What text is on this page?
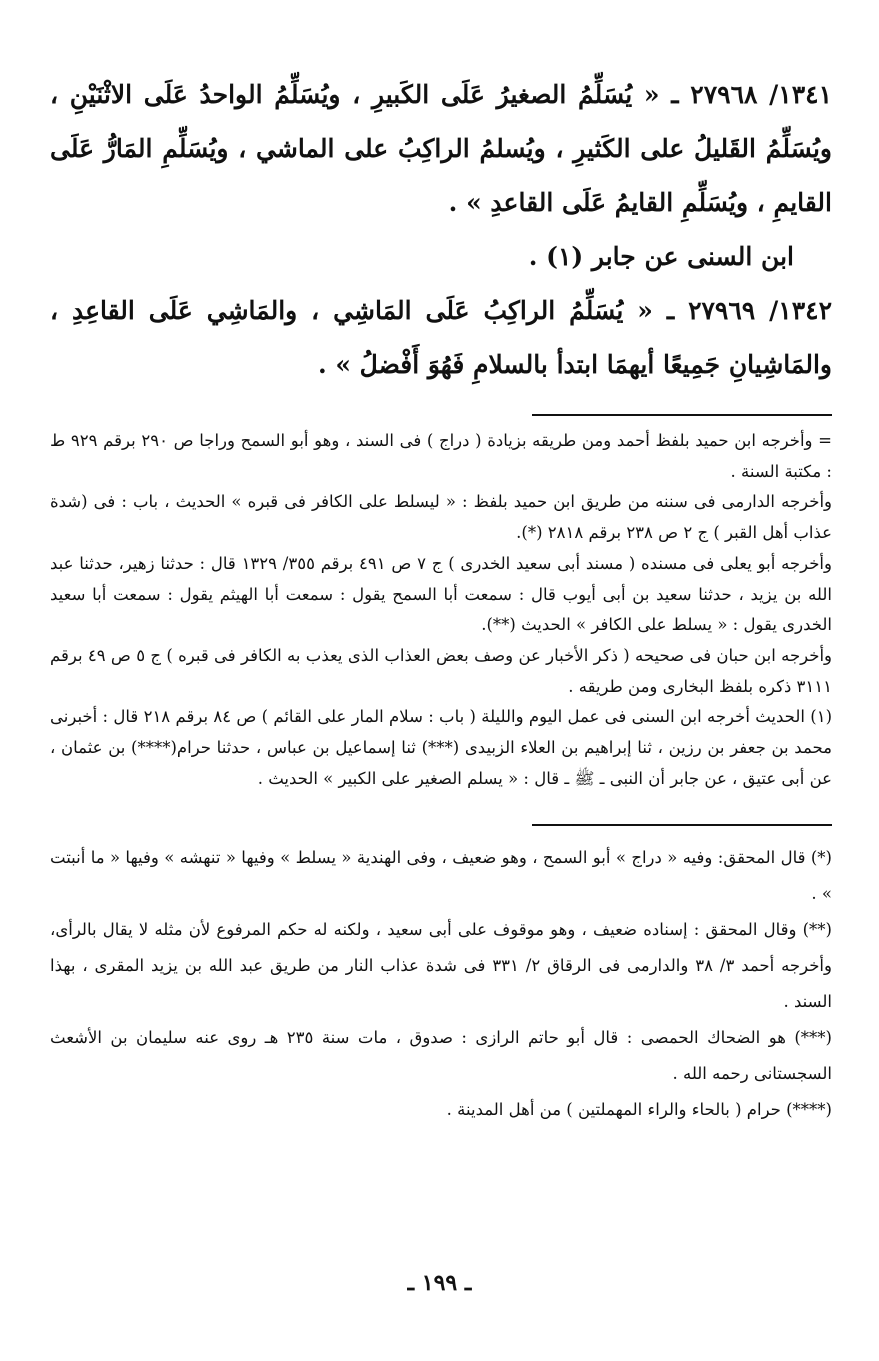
١٣٤١/ ٢٧٩٦٨ ـ « يُسَلِّمُ الصغيرُ عَلَى الكَبيرِ ، ويُسَلِّمُ الواحدُ عَلَى الاثْنَيْنِ ، ويُسَلِّمُ القَليلُ على الكَثيرِ ، ويُسلمُ الراكِبُ على الماشي ، ويُسَلِّمِ المَارُّ عَلَى القايمِ ، ويُسَلِّمِ القايمُ عَلَى القاعدِ » .

ابن السنى عن جابر (١) .

١٣٤٢/ ٢٧٩٦٩ ـ « يُسَلِّمُ الراكِبُ عَلَى المَاشِي ، والمَاشِي عَلَى القاعِدِ ، والمَاشِيانِ جَمِيعًا أيهمَا ابتدأ بالسلامِ فَهُوَ أَفْضلُ » .

= وأخرجه ابن حميد بلفظ أحمد ومن طريقه بزيادة ( دراج ) فى السند ، وهو أبو السمح وراجا ص ٢٩٠ برقم ٩٢٩ ط : مكتبة السنة .

وأخرجه الدارمى فى سننه من طريق ابن حميد بلفظ : « ليسلط على الكافر فى قبره » الحديث ، باب : فى (شدة عذاب أهل القبر ) ج ٢ ص ٢٣٨ برقم ٢٨١٨ (*).

وأخرجه أبو يعلى فى مسنده ( مسند أبى سعيد الخدرى ) ج ٧ ص ٤٩١ برقم ٣٥٥/ ١٣٢٩ قال : حدثنا زهير، حدثنا عبد الله بن يزيد ، حدثنا سعيد بن أبى أيوب قال : سمعت أبا السمح يقول : سمعت أبا الهيثم يقول : سمعت أبا سعيد الخدرى يقول : « يسلط على الكافر » الحديث (**).

وأخرجه ابن حبان فى صحيحه ( ذكر الأخبار عن وصف بعض العذاب الذى يعذب به الكافر فى قبره ) ج ٥ ص ٤٩ برقم ٣١١١ ذكره بلفظ البخارى ومن طريقه .

(١) الحديث أخرجه ابن السنى فى عمل اليوم والليلة ( باب : سلام المار على القائم ) ص ٨٤ برقم ٢١٨ قال : أخبرنى محمد بن جعفر بن رزين ، ثنا إبراهيم بن العلاء الزبيدى (***) ثنا إسماعيل بن عباس ، حدثنا حرام(****) بن عثمان ، عن أبى عتيق ، عن جابر أن النبى ـ ﷺ ـ قال : « يسلم الصغير على الكبير » الحديث .

(*) قال المحقق: وفيه « دراج » أبو السمح ، وهو ضعيف ، وفى الهندية « يسلط » وفيها « تنهشه » وفيها « ما أنبتت » .

(**) وقال المحقق : إسناده ضعيف ، وهو موقوف على أبى سعيد ، ولكنه له حكم المرفوع لأن مثله لا يقال بالرأى، وأخرجه أحمد ٣/ ٣٨ والدارمى فى الرقاق ٢/ ٣٣١ فى شدة عذاب النار من طريق عبد الله بن يزيد المقرى ، بهذا السند .

(***) هو الضحاك الحمصى : قال أبو حاتم الرازى : صدوق ، مات سنة ٢٣٥ هـ روى عنه سليمان بن الأشعث السجستانى رحمه الله .

(****) حرام ( بالحاء والراء المهملتين ) من أهل المدينة .

ـ ١٩٩ ـ
